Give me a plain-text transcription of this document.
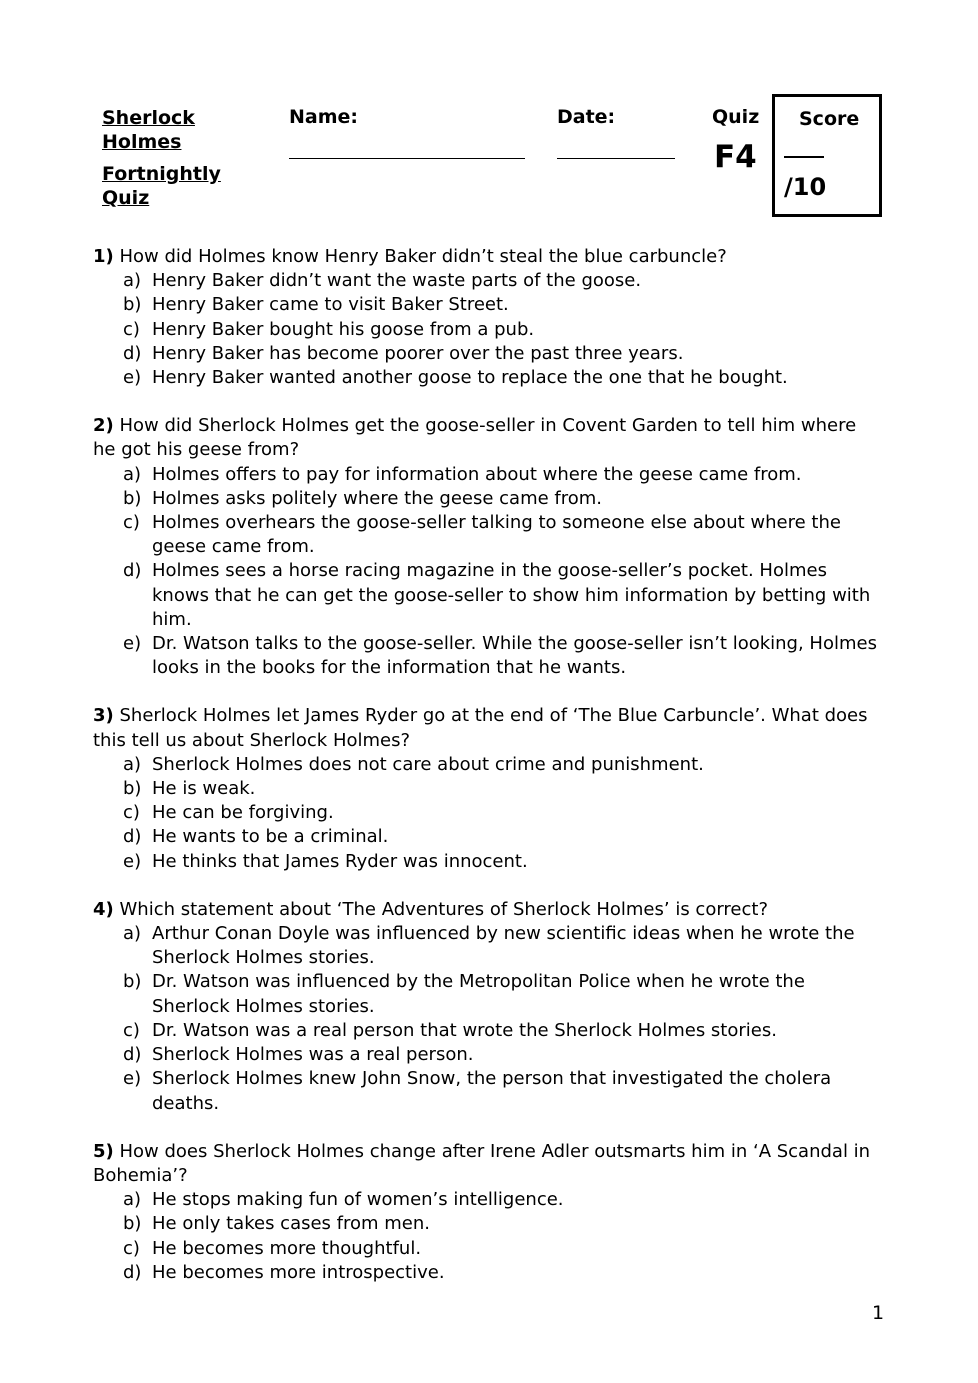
Sherlock Holmes
Fortnightly Quiz
Name:	Date:	Quiz
F4
Score
/10
1) How did Holmes know Henry Baker didn’t steal the blue carbuncle?
a) Henry Baker didn’t want the waste parts of the goose.
b) Henry Baker came to visit Baker Street.
c) Henry Baker bought his goose from a pub.
d) Henry Baker has become poorer over the past three years.
e) Henry Baker wanted another goose to replace the one that he bought.
2) How did Sherlock Holmes get the goose-seller in Covent Garden to tell him where he got his geese from?
a) Holmes offers to pay for information about where the geese came from.
b) Holmes asks politely where the geese came from.
c) Holmes overhears the goose-seller talking to someone else about where the geese came from.
d) Holmes sees a horse racing magazine in the goose-seller’s pocket. Holmes knows that he can get the goose-seller to show him information by betting with him.
e) Dr. Watson talks to the goose-seller. While the goose-seller isn’t looking, Holmes looks in the books for the information that he wants.
3) Sherlock Holmes let James Ryder go at the end of ‘The Blue Carbuncle’. What does this tell us about Sherlock Holmes?
a) Sherlock Holmes does not care about crime and punishment.
b) He is weak.
c) He can be forgiving.
d) He wants to be a criminal.
e) He thinks that James Ryder was innocent.
4) Which statement about ‘The Adventures of Sherlock Holmes’ is correct?
a) Arthur Conan Doyle was influenced by new scientific ideas when he wrote the Sherlock Holmes stories.
b) Dr. Watson was influenced by the Metropolitan Police when he wrote the Sherlock Holmes stories.
c) Dr. Watson was a real person that wrote the Sherlock Holmes stories.
d) Sherlock Holmes was a real person.
e) Sherlock Holmes knew John Snow, the person that investigated the cholera deaths.
5) How does Sherlock Holmes change after Irene Adler outsmarts him in ‘A Scandal in Bohemia’?
a) He stops making fun of women’s intelligence.
b) He only takes cases from men.
c) He becomes more thoughtful.
d) He becomes more introspective.
1
